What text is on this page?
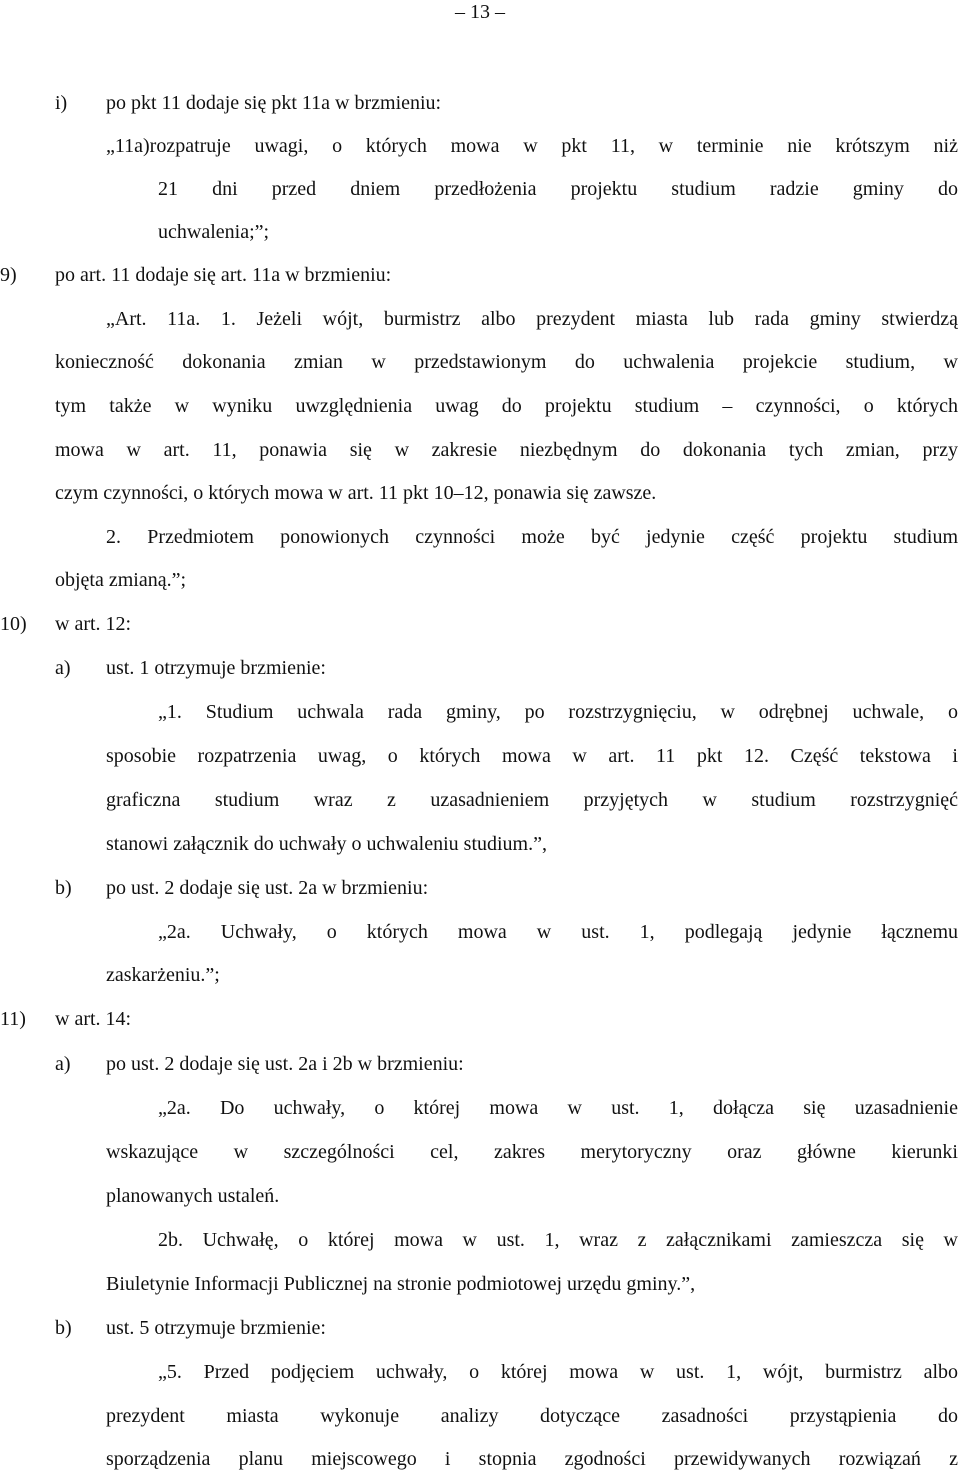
– 13 –
i) po pkt 11 dodaje się pkt 11a w brzmieniu:
„11a)rozpatruje uwagi, o których mowa w pkt 11, w terminie nie krótszym niż
21 dni przed dniem przedłożenia projektu studium radzie gminy do
uchwalenia;”;
9) po art. 11 dodaje się art. 11a w brzmieniu:
„Art. 11a. 1. Jeżeli wójt, burmistrz albo prezydent miasta lub rada gminy stwierdzą
konieczność dokonania zmian w przedstawionym do uchwalenia projekcie studium, w
tym także w wyniku uwzględnienia uwag do projektu studium – czynności, o których
mowa w art. 11, ponawia się w zakresie niezbędnym do dokonania tych zmian, przy
czym czynności, o których mowa w art. 11 pkt 10–12, ponawia się zawsze.
2. Przedmiotem ponowionych czynności może być jedynie część projektu studium
objęta zmianą.”;
10) w art. 12:
a) ust. 1 otrzymuje brzmienie:
„1. Studium uchwala rada gminy, po rozstrzygnięciu, w odrębnej uchwale, o
sposobie rozpatrzenia uwag, o których mowa w art. 11 pkt 12. Część tekstowa i
graficzna studium wraz z uzasadnieniem przyjętych w studium rozstrzygnięć
stanowi załącznik do uchwały o uchwaleniu studium.”,
b) po ust. 2 dodaje się ust. 2a w brzmieniu:
„2a. Uchwały, o których mowa w ust. 1, podlegają jedynie łącznemu
zaskarżeniu.”;
11) w art. 14:
a) po ust. 2 dodaje się ust. 2a i 2b w brzmieniu:
„2a. Do uchwały, o której mowa w ust. 1, dołącza się uzasadnienie
wskazujące w szczególności cel, zakres merytoryczny oraz główne kierunki
planowanych ustaleń.
2b. Uchwałę, o której mowa w ust. 1, wraz z załącznikami zamieszcza się w
Biuletynie Informacji Publicznej na stronie podmiotowej urzędu gminy.”,
b) ust. 5 otrzymuje brzmienie:
„5. Przed podjęciem uchwały, o której mowa w ust. 1, wójt, burmistrz albo
prezydent miasta wykonuje analizy dotyczące zasadności przystąpienia do
sporządzenia planu miejscowego i stopnia zgodności przewidywanych rozwiązań z
